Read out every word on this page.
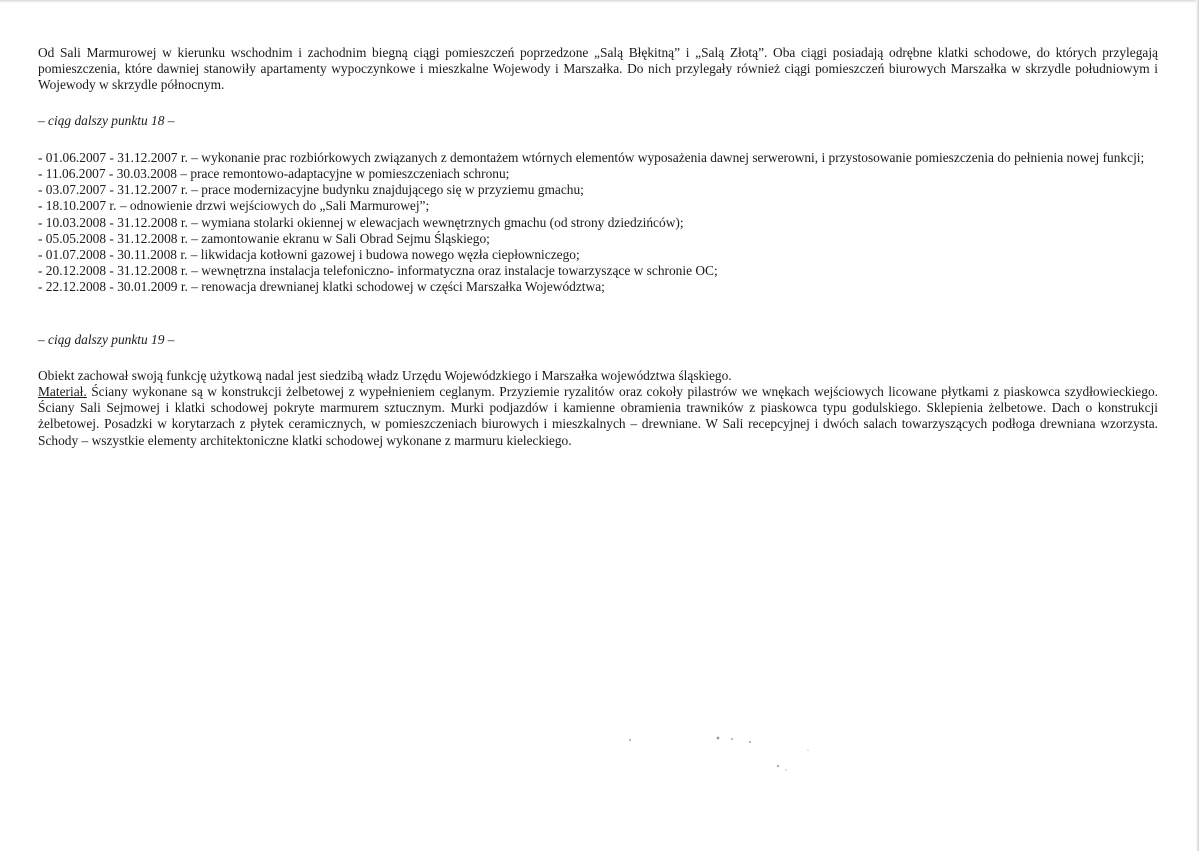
Od Sali Marmurowej w kierunku wschodnim i zachodnim biegną ciągi pomieszczeń poprzedzone „Salą Błękitną” i „Salą Złotą”. Oba ciągi posiadają odrębne klatki schodowe, do których przylegają pomieszczenia, które dawniej stanowiły apartamenty wypoczynkowe i mieszkalne Wojewody i Marszałka. Do nich przylegały również ciągi pomieszczeń biurowych Marszałka w skrzydle południowym i Wojewody w skrzydle północnym.

– ciąg dalszy punktu 18 –

- 01.06.2007 - 31.12.2007 r. – wykonanie prac rozbiórkowych związanych z demontażem wtórnych elementów wyposażenia dawnej serwerowni, i przystosowanie pomieszczenia do pełnienia nowej funkcji;
- 11.06.2007 - 30.03.2008 – prace remontowo-adaptacyjne w pomieszczeniach schronu;
- 03.07.2007 - 31.12.2007 r. – prace modernizacyjne budynku znajdującego się w przyziemu gmachu;
- 18.10.2007 r. – odnowienie drzwi wejściowych do „Sali Marmurowej”;
- 10.03.2008 - 31.12.2008 r. – wymiana stolarki okiennej w elewacjach wewnętrznych gmachu (od strony dziedzińców);
- 05.05.2008 - 31.12.2008 r. – zamontowanie ekranu w Sali Obrad Sejmu Śląskiego;
- 01.07.2008 - 30.11.2008 r. – likwidacja kotłowni gazowej i budowa nowego węzła ciepłowniczego;
- 20.12.2008 - 31.12.2008 r. – wewnętrzna instalacja telefoniczno- informatyczna oraz instalacje towarzyszące w schronie OC;
- 22.12.2008 - 30.01.2009 r. – renowacja drewnianej klatki schodowej w części Marszałka Województwa;

– ciąg dalszy punktu 19 –

Obiekt zachował swoją funkcję użytkową nadal jest siedzibą władz Urzędu Wojewódzkiego i Marszałka województwa śląskiego.

Materiał. Ściany wykonane są w konstrukcji żelbetowej z wypełnieniem ceglanym. Przyziemie ryzalitów oraz cokoły pilastrów we wnękach wejściowych licowane płytkami z piaskowca szydłowieckiego. Ściany Sali Sejmowej i klatki schodowej pokryte marmurem sztucznym. Murki podjazdów i kamienne obramienia trawników z piaskowca typu godulskiego. Sklepienia żelbetowe. Dach o konstrukcji żelbetowej. Posadzki w korytarzach z płytek ceramicznych, w pomieszczeniach biurowych i mieszkalnych – drewniane. W Sali recepcyjnej i dwóch salach towarzyszących podłoga drewniana wzorzysta. Schody – wszystkie elementy architektoniczne klatki schodowej wykonane z marmuru kieleckiego.
